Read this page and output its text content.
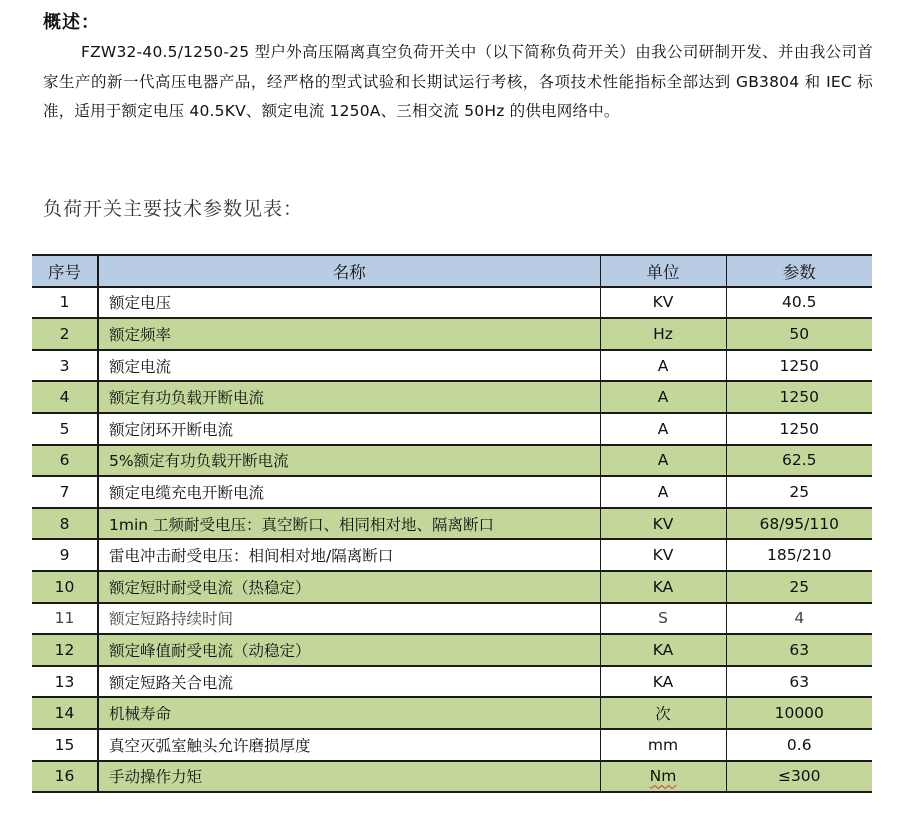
概述：

FZW32-40.5/1250-25 型户外高压隔离真空负荷开关中（以下简称负荷开关）由我公司研制开发、并由我公司首家生产的新一代高压电器产品，经严格的型式试验和长期试运行考核，各项技术性能指标全部达到 GB3804 和 IEC 标准，适用于额定电压 40.5KV、额定电流 1250A、三相交流 50Hz 的供电网络中。

负荷开关主要技术参数见表：
序号	名称	单位	参数
1	额定电压	KV	40.5
2	额定频率	Hz	50
3	额定电流	A	1250
4	额定有功负载开断电流	A	1250
5	额定闭环开断电流	A	1250
6	5%额定有功负载开断电流	A	62.5
7	额定电缆充电开断电流	A	25
8	1min 工频耐受电压：真空断口、相同相对地、隔离断口	KV	68/95/110
9	雷电冲击耐受电压：相间相对地/隔离断口	KV	185/210
10	额定短时耐受电流（热稳定）	KA	25
11	额定短路持续时间	S	4
12	额定峰值耐受电流（动稳定）	KA	63
13	额定短路关合电流	KA	63
14	机械寿命	次	10000
15	真空灭弧室触头允许磨损厚度	mm	0.6
16	手动操作力矩	Nm	≤300
